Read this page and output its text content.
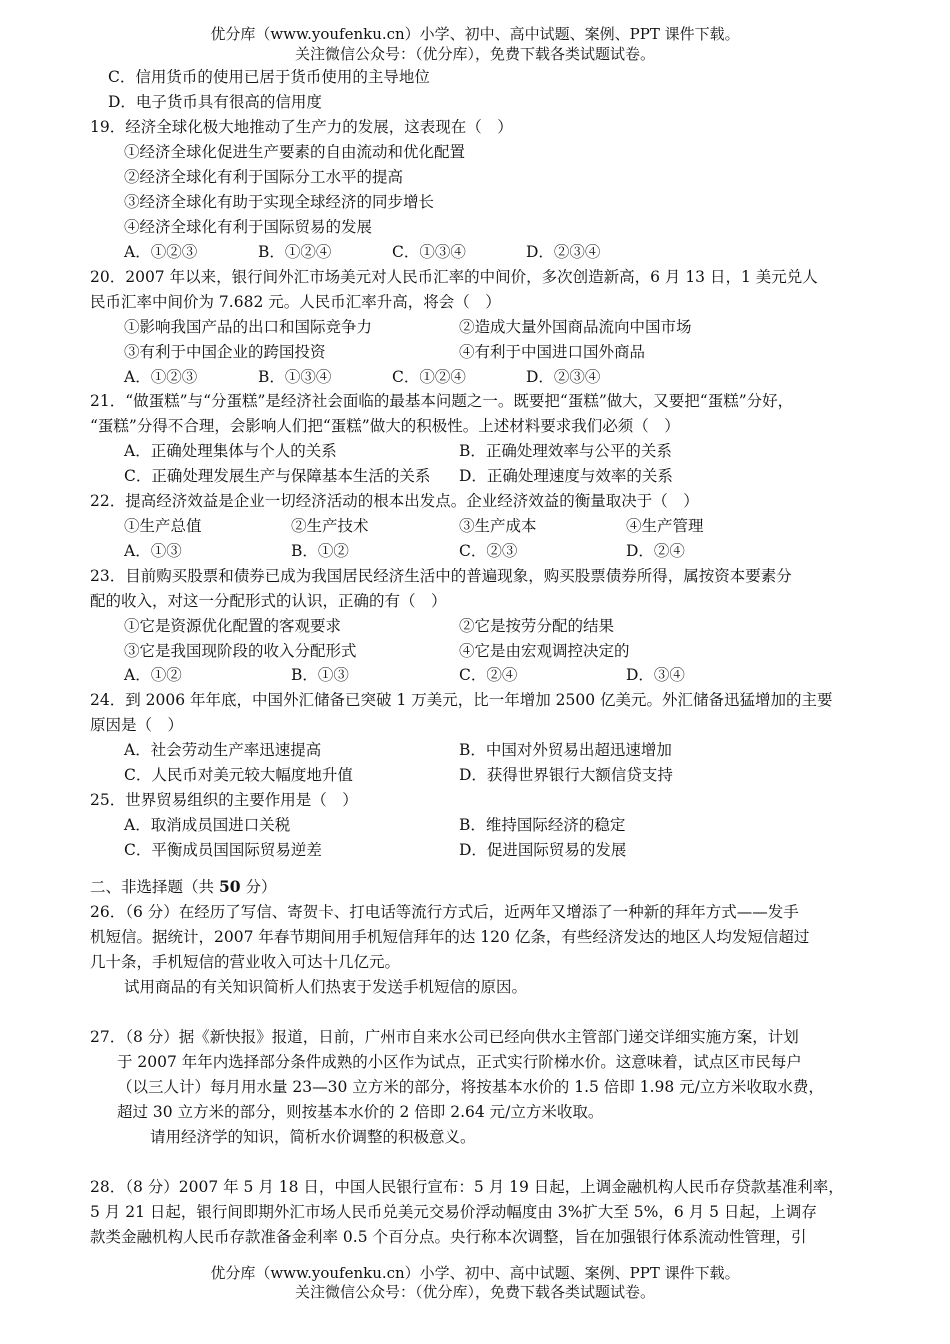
优分库（www.youfenku.cn）小学、初中、高中试题、案例、PPT 课件下载。
关注微信公众号：（优分库），免费下载各类试题试卷。
C．信用货币的使用已居于货币使用的主导地位
D．电子货币具有很高的信用度
19．经济全球化极大地推动了生产力的发展，这表现在（　）
①经济全球化促进生产要素的自由流动和优化配置
②经济全球化有利于国际分工水平的提高
③经济全球化有助于实现全球经济的同步增长
④经济全球化有利于国际贸易的发展
A．①②③	B．①②④	C．①③④	D．②③④
20．2007 年以来，银行间外汇市场美元对人民币汇率的中间价，多次创造新高，6 月 13 日，1 美元兑人
民币汇率中间价为 7.682 元。人民币汇率升高，将会（　）
①影响我国产品的出口和国际竞争力	②造成大量外国商品流向中国市场
③有利于中国企业的跨国投资	④有利于中国进口国外商品
A．①②③	B．①③④	C．①②④	D．②③④
21．“做蛋糕”与“分蛋糕”是经济社会面临的最基本问题之一。既要把“蛋糕”做大，又要把“蛋糕”分好，
“蛋糕”分得不合理，会影响人们把“蛋糕”做大的积极性。上述材料要求我们必须（　）
A．正确处理集体与个人的关系	B．正确处理效率与公平的关系
C．正确处理发展生产与保障基本生活的关系 D．正确处理速度与效率的关系
22．提高经济效益是企业一切经济活动的根本出发点。企业经济效益的衡量取决于（　）
①生产总值	②生产技术	③生产成本	④生产管理
A．①③	B．①②	C．②③	D．②④
23．目前购买股票和债券已成为我国居民经济生活中的普遍现象，购买股票债券所得，属按资本要素分
配的收入，对这一分配形式的认识，正确的有（　）
①它是资源优化配置的客观要求	②它是按劳分配的结果
③它是我国现阶段的收入分配形式	④它是由宏观调控决定的
A．①②	B．①③	C．②④	D．③④
24．到 2006 年年底，中国外汇储备已突破 1 万美元，比一年增加 2500 亿美元。外汇储备迅猛增加的主要
原因是（　）
A．社会劳动生产率迅速提高	B．中国对外贸易出超迅速增加
C．人民币对美元较大幅度地升值	D．获得世界银行大额信贷支持
25．世界贸易组织的主要作用是（　）
A．取消成员国进口关税	B．维持国际经济的稳定
C．平衡成员国国际贸易逆差	D．促进国际贸易的发展
二、非选择题（共 50 分）
26．（6 分）在经历了写信、寄贺卡、打电话等流行方式后，近两年又增添了一种新的拜年方式——发手
机短信。据统计，2007 年春节期间用手机短信拜年的达 120 亿条，有些经济发达的地区人均发短信超过
几十条，手机短信的营业收入可达十几亿元。
试用商品的有关知识简析人们热衷于发送手机短信的原因。
27．（8 分）据《新快报》报道，日前，广州市自来水公司已经向供水主管部门递交详细实施方案，计划
于 2007 年年内选择部分条件成熟的小区作为试点，正式实行阶梯水价。这意味着，试点区市民每户
（以三人计）每月用水量 23—30 立方米的部分，将按基本水价的 1.5 倍即 1.98 元/立方米收取水费，
超过 30 立方米的部分，则按基本水价的 2 倍即 2.64 元/立方米收取。
请用经济学的知识，简析水价调整的积极意义。
28．（8 分）2007 年 5 月 18 日，中国人民银行宣布：5 月 19 日起，上调金融机构人民币存贷款基准利率，
5 月 21 日起，银行间即期外汇市场人民币兑美元交易价浮动幅度由 3%扩大至 5%，6 月 5 日起，上调存
款类金融机构人民币存款准备金利率 0.5 个百分点。央行称本次调整，旨在加强银行体系流动性管理，引
优分库（www.youfenku.cn）小学、初中、高中试题、案例、PPT 课件下载。
关注微信公众号：（优分库），免费下载各类试题试卷。
